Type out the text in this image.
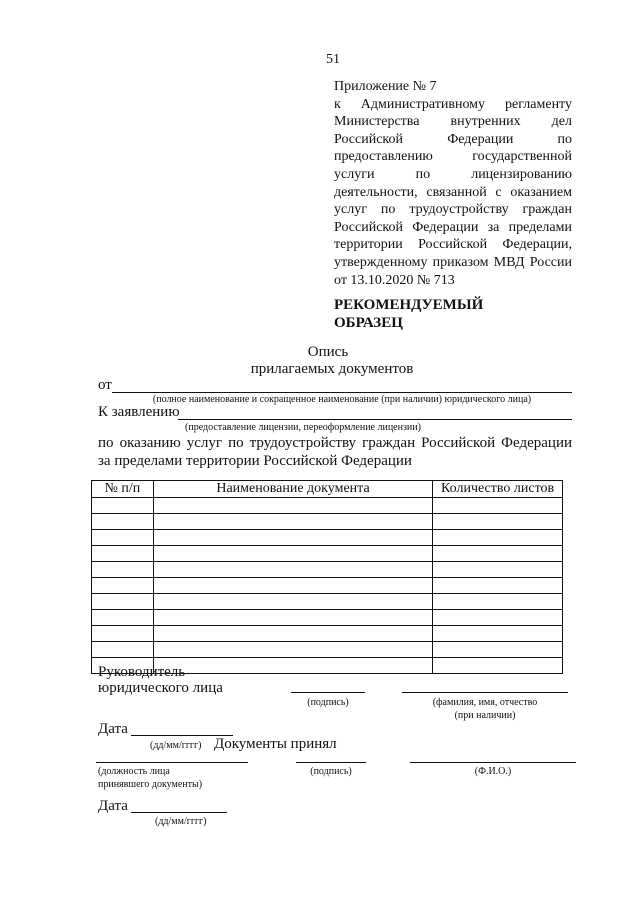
51
Приложение № 7
к Административному регламенту Министерства внутренних дел Российской Федерации по предоставлению государственной услуги по лицензированию деятельности, связанной с оказанием услуг по трудоустройству граждан Российской Федерации за пределами территории Российской Федерации, утвержденному приказом МВД России
от 13.10.2020 № 713
РЕКОМЕНДУЕМЫЙ
ОБРАЗЕЦ
Опись
прилагаемых документов
от
(полное наименование и сокращенное наименование (при наличии) юридического лица)
К заявлению
(предоставление лицензии, переоформление лицензии)
по оказанию услуг по трудоустройству граждан Российской Федерации за пределами территории Российской Федерации
№ п/п	Наименование документа	Количество листов

Руководитель
юридического лица
(подпись)	(фамилия, имя, отчество
(при наличии)
Дата
(дд/мм/гггг) Документы принял
(должность лица
принявшего документы)
(подпись)	(Ф.И.О.)
Дата
(дд/мм/гггг)
